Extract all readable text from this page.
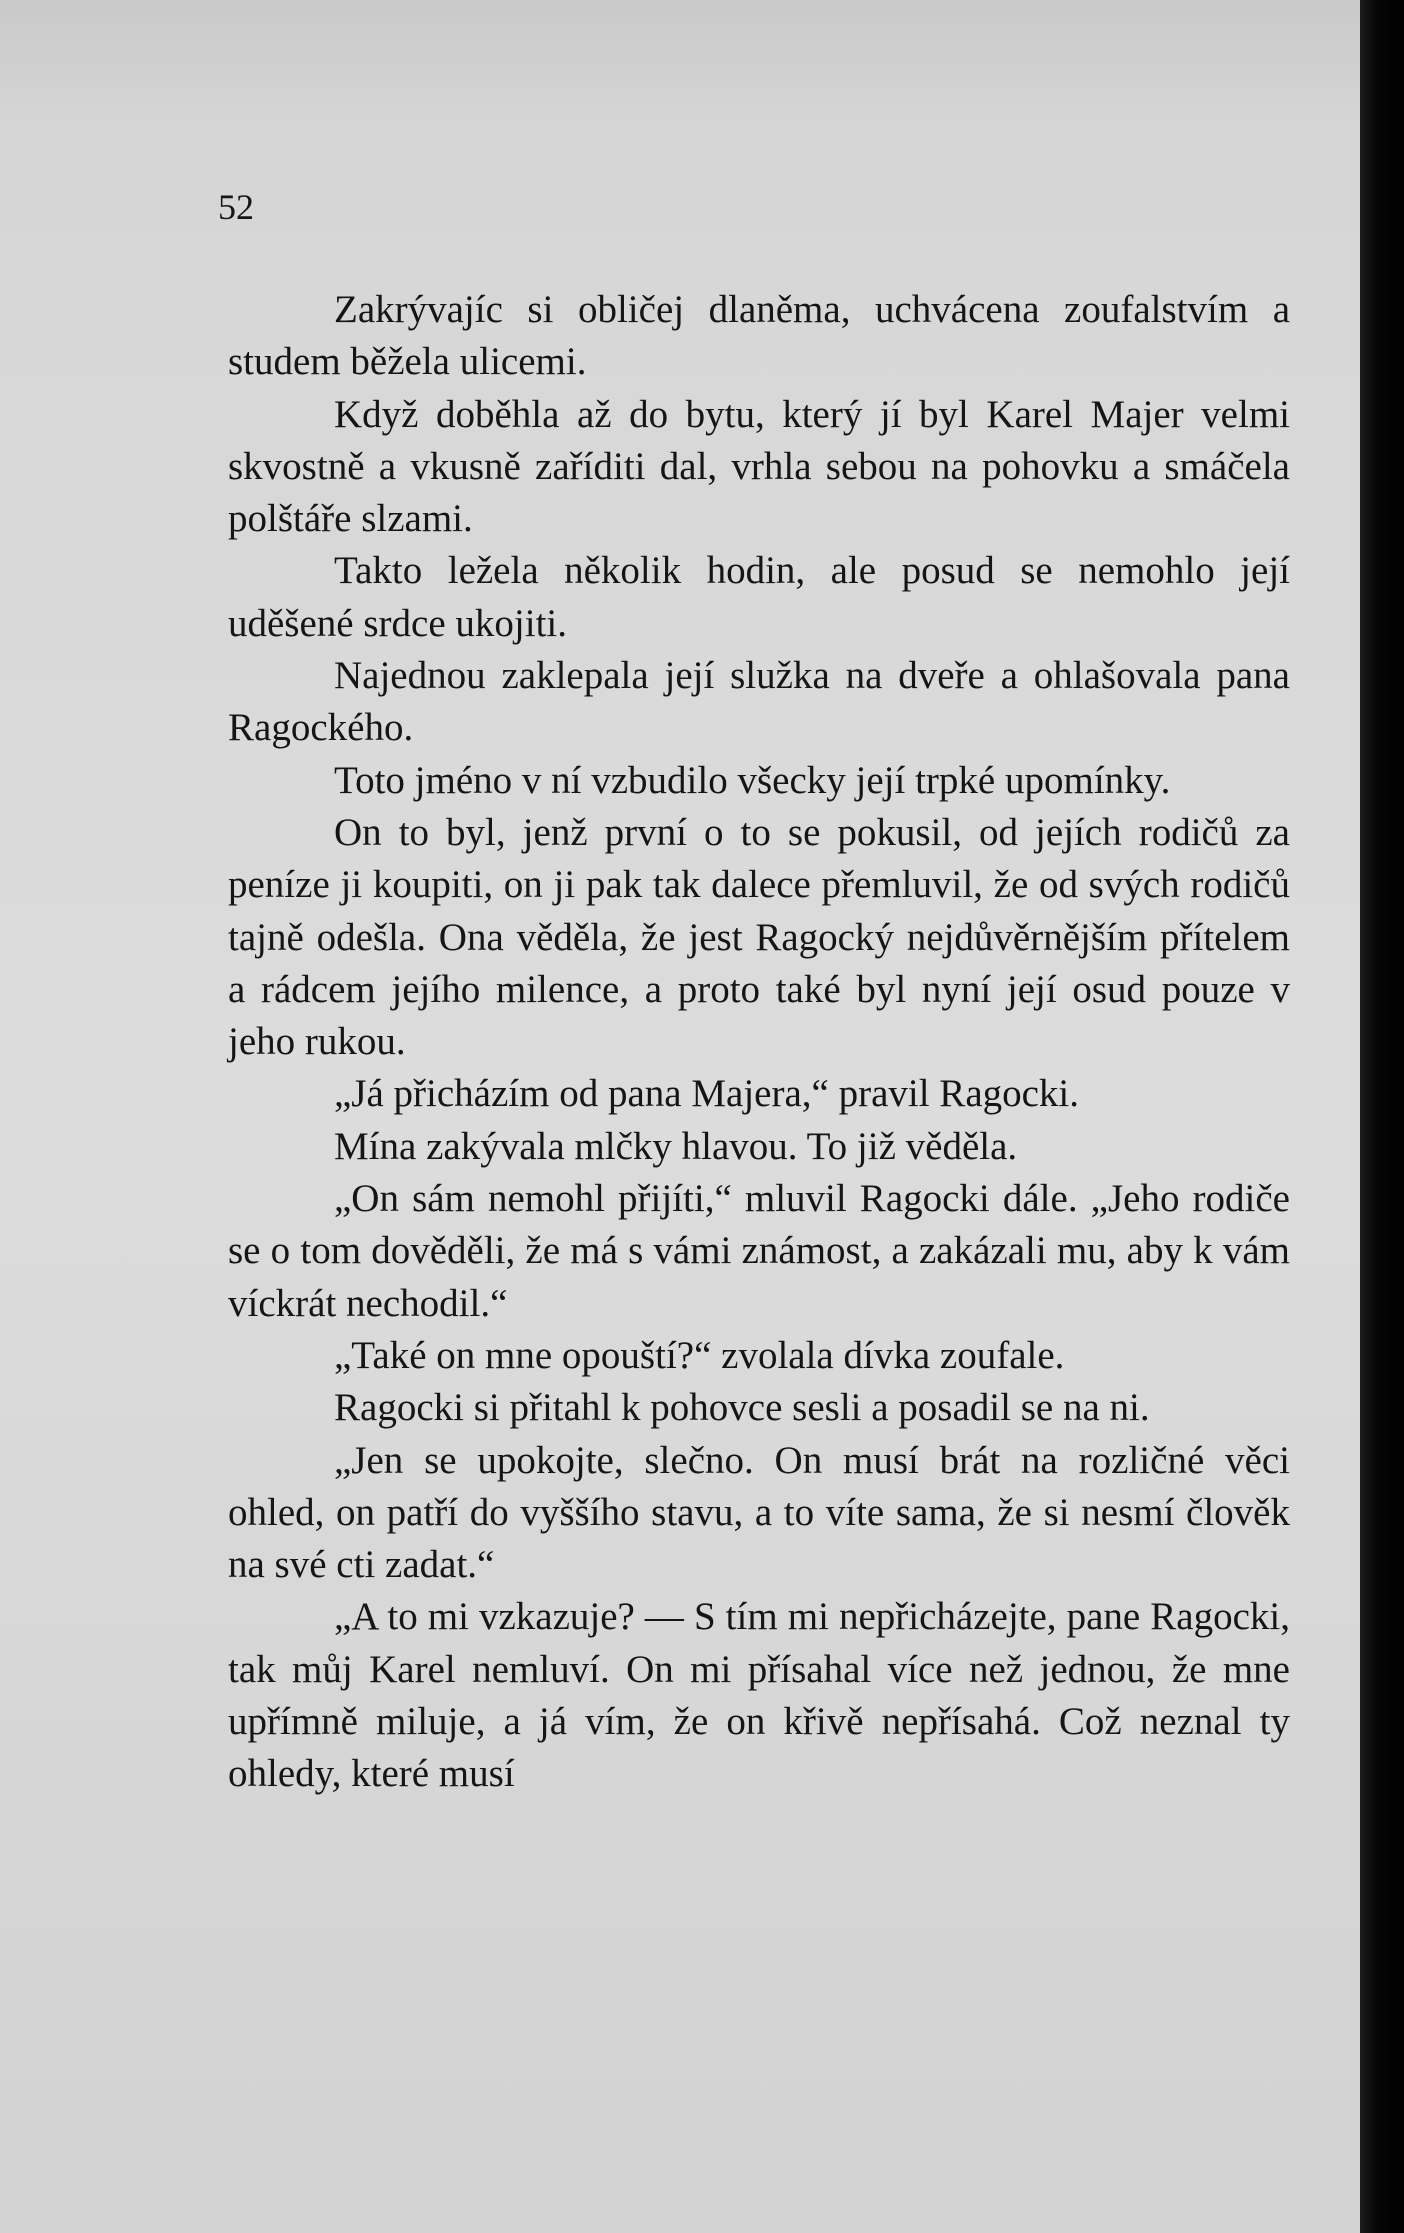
52

Zakrývajíc si obličej dlaněma, uchvácena zoufalstvím a studem běžela ulicemi.

Když doběhla až do bytu, který jí byl Karel Majer velmi skvostně a vkusně zaříditi dal, vrhla sebou na pohovku a smáčela polštáře slzami.

Takto ležela několik hodin, ale posud se nemohlo její uděšené srdce ukojiti.

Najednou zaklepala její služka na dveře a ohlašovala pana Ragockého.

Toto jméno v ní vzbudilo všecky její trpké upomínky.

On to byl, jenž první o to se pokusil, od jejích rodičů za peníze ji koupiti, on ji pak tak dalece přemluvil, že od svých rodičů tajně odešla. Ona věděla, že jest Ragocký nejdůvěrnějším přítelem a rádcem jejího milence, a proto také byl nyní její osud pouze v jeho rukou.

„Já přicházím od pana Majera,“ pravil Ragocki.

Mína zakývala mlčky hlavou. To již věděla.

„On sám nemohl přijíti,“ mluvil Ragocki dále. „Jeho rodiče se o tom dověděli, že má s vámi známost, a zakázali mu, aby k vám víckrát nechodil.“

„Také on mne opouští?“ zvolala dívka zoufale.

Ragocki si přitahl k pohovce sesli a posadil se na ni.

„Jen se upokojte, slečno. On musí brát na rozličné věci ohled, on patří do vyššího stavu, a to víte sama, že si nesmí člověk na své cti zadat.“

„A to mi vzkazuje? — S tím mi nepřicházejte, pane Ragocki, tak můj Karel nemluví. On mi přísahal více než jednou, že mne upřímně miluje, a já vím, že on křivě nepřísahá. Což neznal ty ohledy, které musí
